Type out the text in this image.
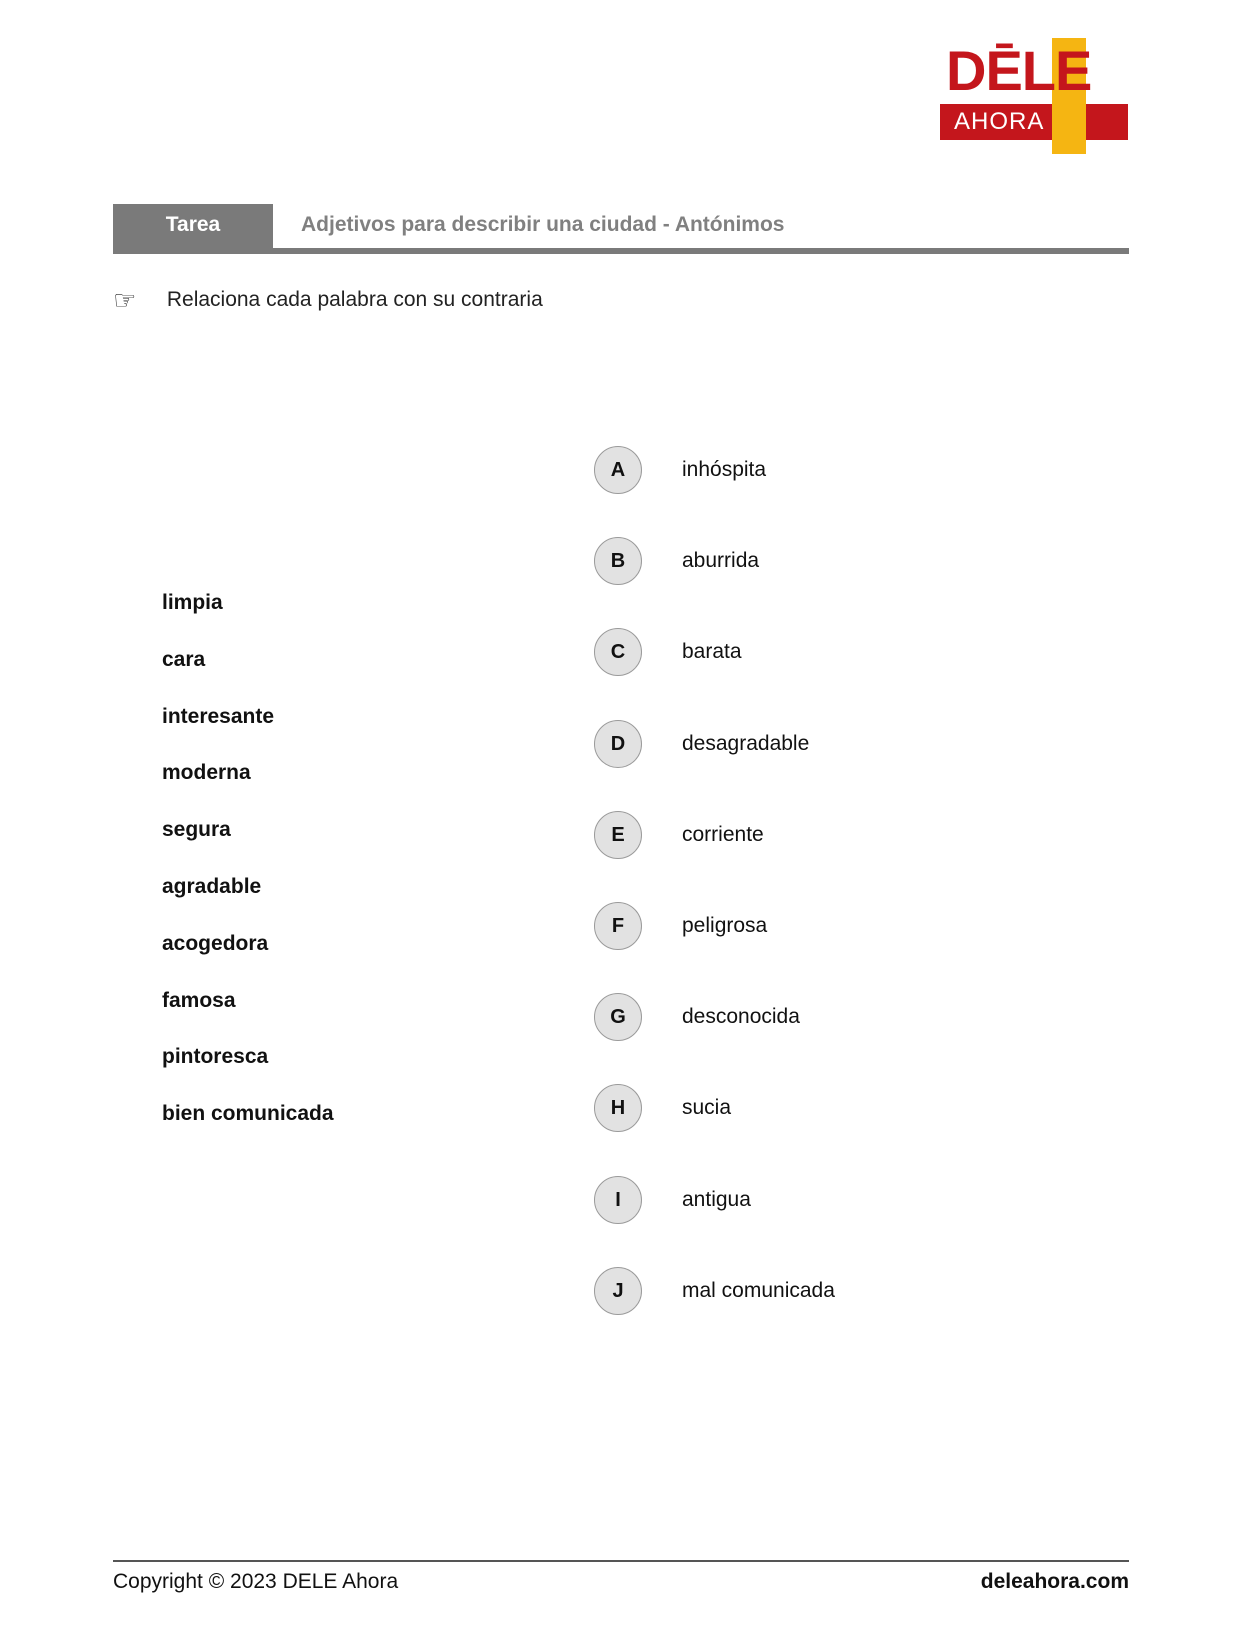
DĒLE
AHORA
Tarea	Adjetivos para describir una ciudad - Antónimos
☞ Relaciona cada palabra con su contraria
limpia
cara
interesante
moderna
segura
agradable
acogedora
famosa
pintoresca
bien comunicada
A	inhóspita
B	aburrida
C	barata
D	desagradable
E	corriente
F	peligrosa
G	desconocida
H	sucia
I	antigua
J	mal comunicada
Copyright © 2023 DELE Ahora	deleahora.com
